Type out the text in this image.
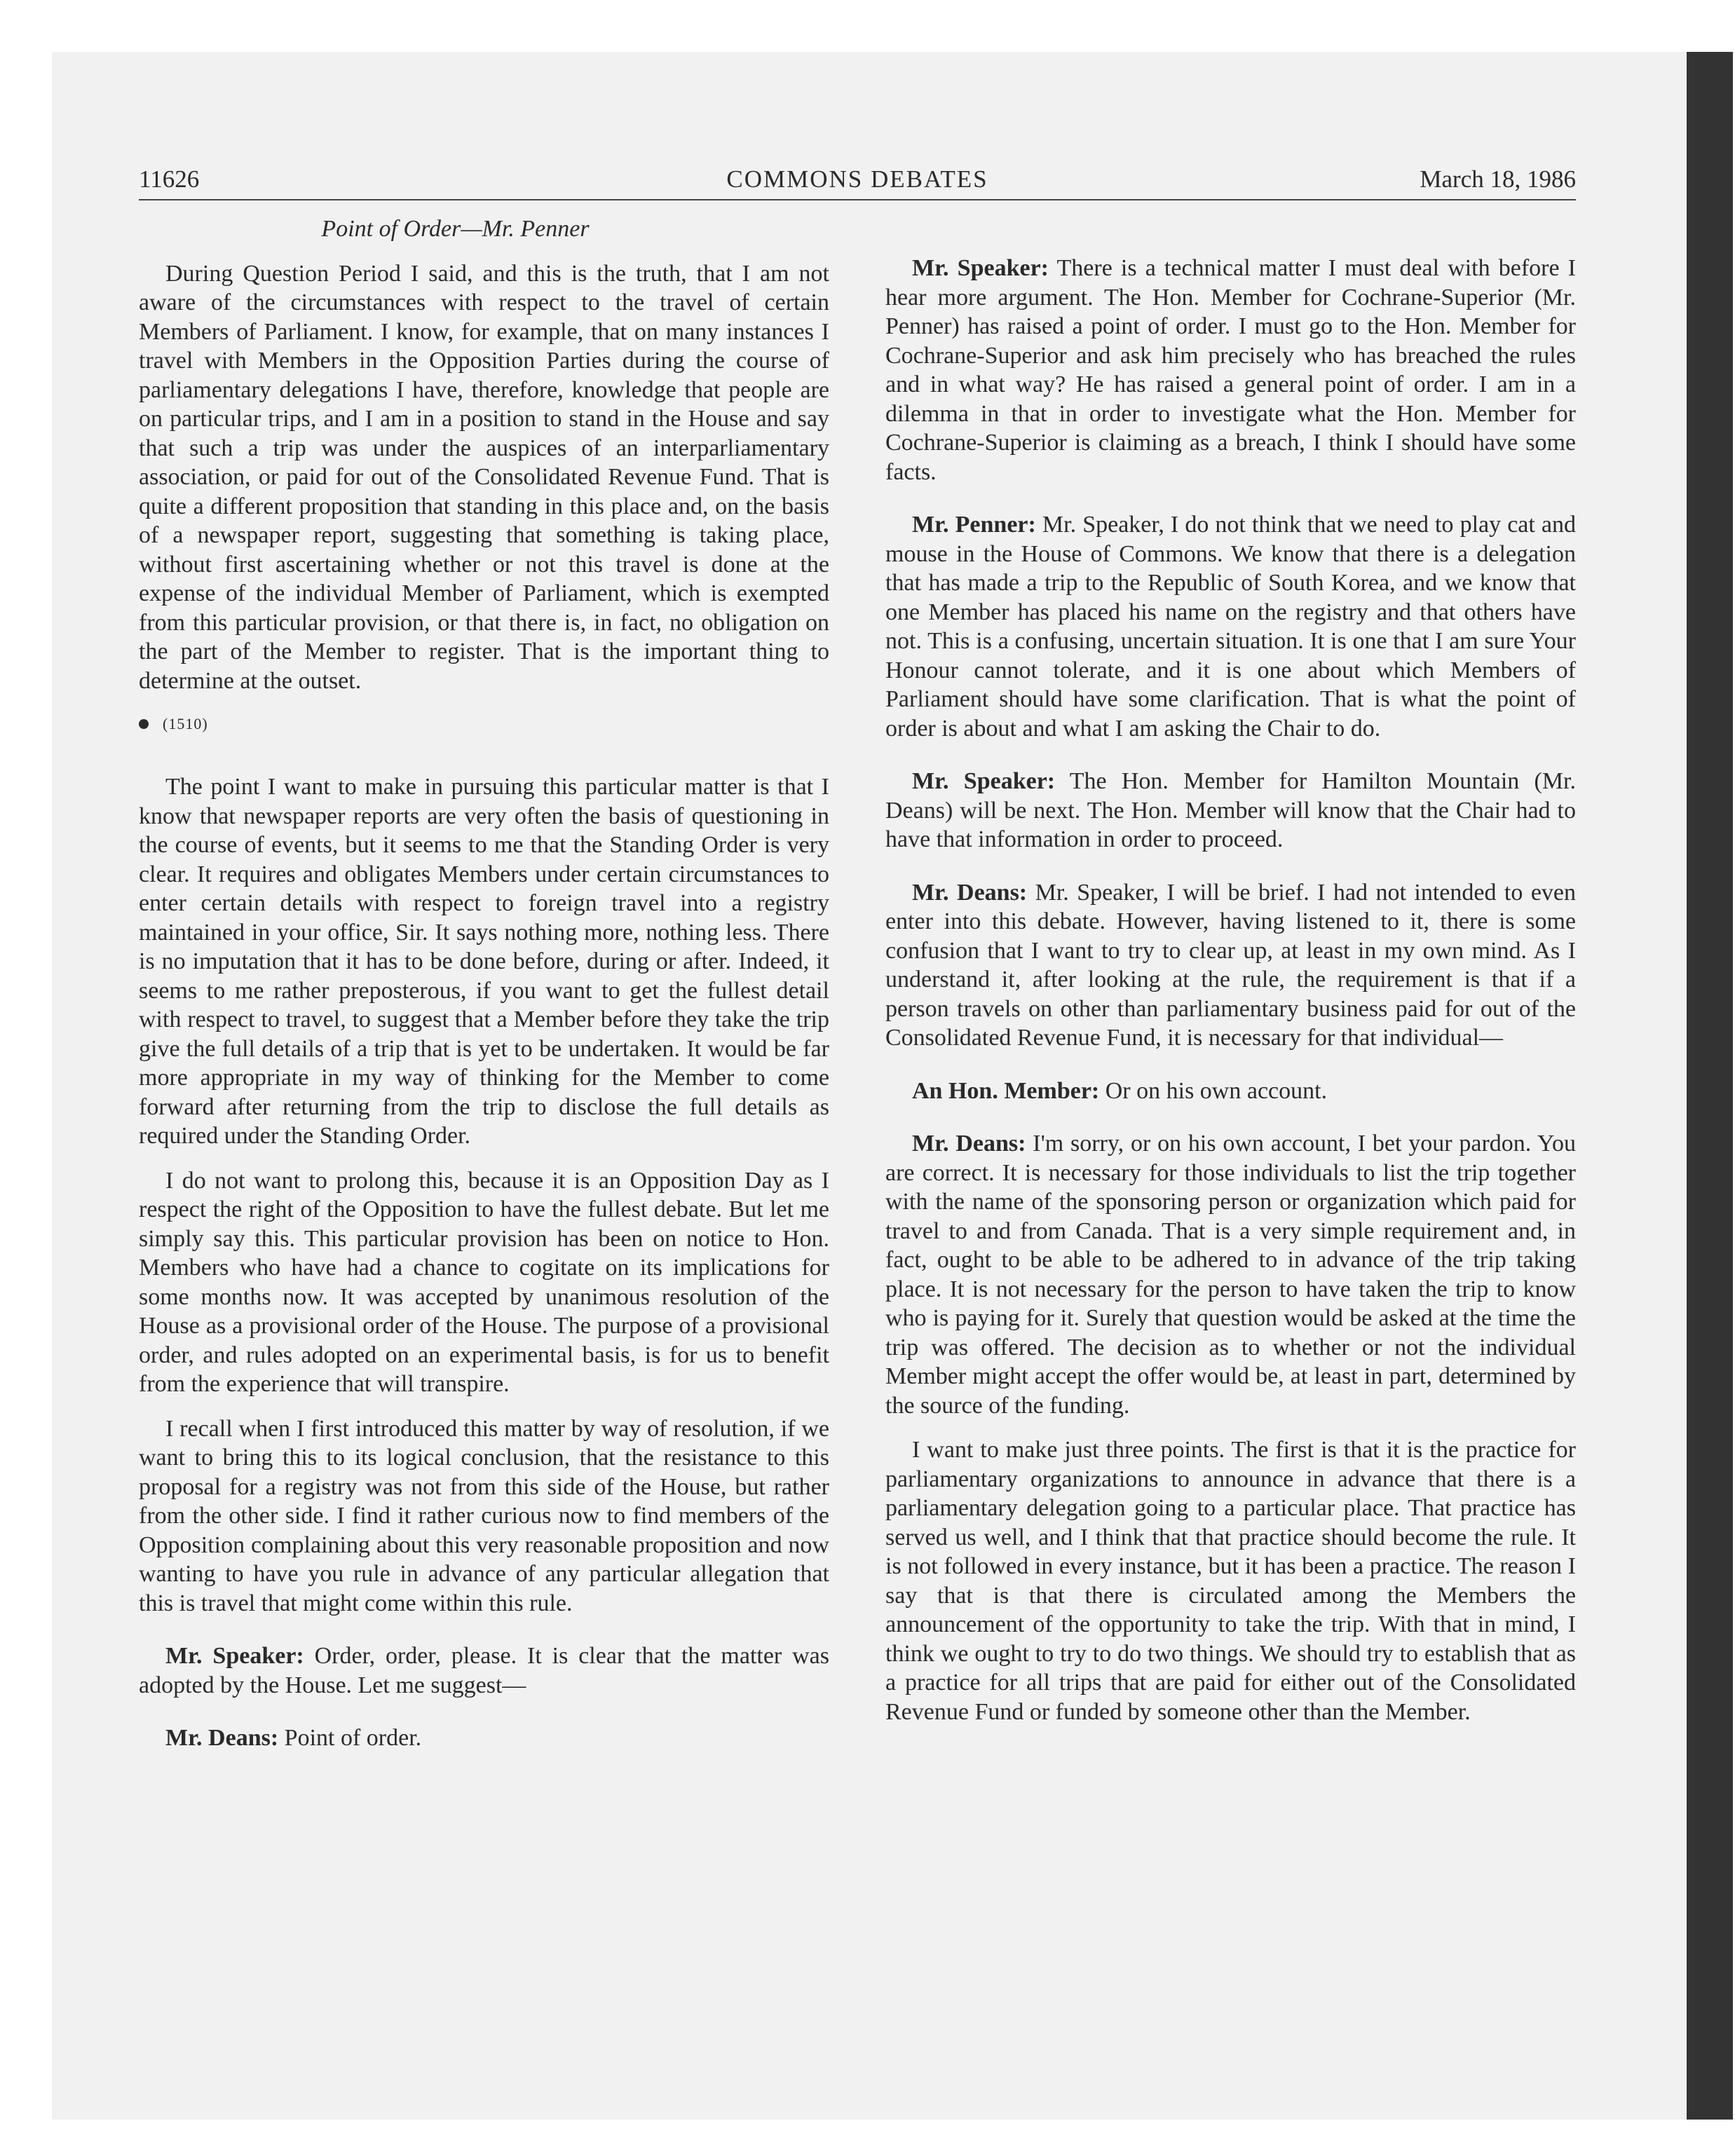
11626	COMMONS DEBATES	March 18, 1986

Point of Order—Mr. Penner

During Question Period I said, and this is the truth, that I am not aware of the circumstances with respect to the travel of certain Members of Parliament. I know, for example, that on many instances I travel with Members in the Opposition Parties during the course of parliamentary delegations I have, therefore, knowledge that people are on particular trips, and I am in a position to stand in the House and say that such a trip was under the auspices of an interparliamentary association, or paid for out of the Consolidated Revenue Fund. That is quite a different proposition that standing in this place and, on the basis of a newspaper report, suggesting that something is taking place, without first ascertaining whether or not this travel is done at the expense of the individual Member of Parliament, which is exempted from this particular provision, or that there is, in fact, no obligation on the part of the Member to register. That is the important thing to determine at the outset.

(1510)

The point I want to make in pursuing this particular matter is that I know that newspaper reports are very often the basis of questioning in the course of events, but it seems to me that the Standing Order is very clear. It requires and obligates Members under certain circumstances to enter certain details with respect to foreign travel into a registry maintained in your office, Sir. It says nothing more, nothing less. There is no imputation that it has to be done before, during or after. Indeed, it seems to me rather preposterous, if you want to get the fullest detail with respect to travel, to suggest that a Member before they take the trip give the full details of a trip that is yet to be undertaken. It would be far more appropriate in my way of thinking for the Member to come forward after returning from the trip to disclose the full details as required under the Standing Order.

I do not want to prolong this, because it is an Opposition Day as I respect the right of the Opposition to have the fullest debate. But let me simply say this. This particular provision has been on notice to Hon. Members who have had a chance to cogitate on its implications for some months now. It was accepted by unanimous resolution of the House as a provisional order of the House. The purpose of a provisional order, and rules adopted on an experimental basis, is for us to benefit from the experience that will transpire.

I recall when I first introduced this matter by way of resolution, if we want to bring this to its logical conclusion, that the resistance to this proposal for a registry was not from this side of the House, but rather from the other side. I find it rather curious now to find members of the Opposition complaining about this very reasonable proposition and now wanting to have you rule in advance of any particular allegation that this is travel that might come within this rule.

Mr. Speaker: Order, order, please. It is clear that the matter was adopted by the House. Let me suggest—

Mr. Deans: Point of order.

Mr. Speaker: There is a technical matter I must deal with before I hear more argument. The Hon. Member for Cochrane-Superior (Mr. Penner) has raised a point of order. I must go to the Hon. Member for Cochrane-Superior and ask him precisely who has breached the rules and in what way? He has raised a general point of order. I am in a dilemma in that in order to investigate what the Hon. Member for Cochrane-Superior is claiming as a breach, I think I should have some facts.

Mr. Penner: Mr. Speaker, I do not think that we need to play cat and mouse in the House of Commons. We know that there is a delegation that has made a trip to the Republic of South Korea, and we know that one Member has placed his name on the registry and that others have not. This is a confusing, uncertain situation. It is one that I am sure Your Honour cannot tolerate, and it is one about which Members of Parliament should have some clarification. That is what the point of order is about and what I am asking the Chair to do.

Mr. Speaker: The Hon. Member for Hamilton Mountain (Mr. Deans) will be next. The Hon. Member will know that the Chair had to have that information in order to proceed.

Mr. Deans: Mr. Speaker, I will be brief. I had not intended to even enter into this debate. However, having listened to it, there is some confusion that I want to try to clear up, at least in my own mind. As I understand it, after looking at the rule, the requirement is that if a person travels on other than parliamentary business paid for out of the Consolidated Revenue Fund, it is necessary for that individual—

An Hon. Member: Or on his own account.

Mr. Deans: I'm sorry, or on his own account, I bet your pardon. You are correct. It is necessary for those individuals to list the trip together with the name of the sponsoring person or organization which paid for travel to and from Canada. That is a very simple requirement and, in fact, ought to be able to be adhered to in advance of the trip taking place. It is not necessary for the person to have taken the trip to know who is paying for it. Surely that question would be asked at the time the trip was offered. The decision as to whether or not the individual Member might accept the offer would be, at least in part, determined by the source of the funding.

I want to make just three points. The first is that it is the practice for parliamentary organizations to announce in advance that there is a parliamentary delegation going to a particular place. That practice has served us well, and I think that that practice should become the rule. It is not followed in every instance, but it has been a practice. The reason I say that is that there is circulated among the Members the announcement of the opportunity to take the trip. With that in mind, I think we ought to try to do two things. We should try to establish that as a practice for all trips that are paid for either out of the Consolidated Revenue Fund or funded by someone other than the Member.
